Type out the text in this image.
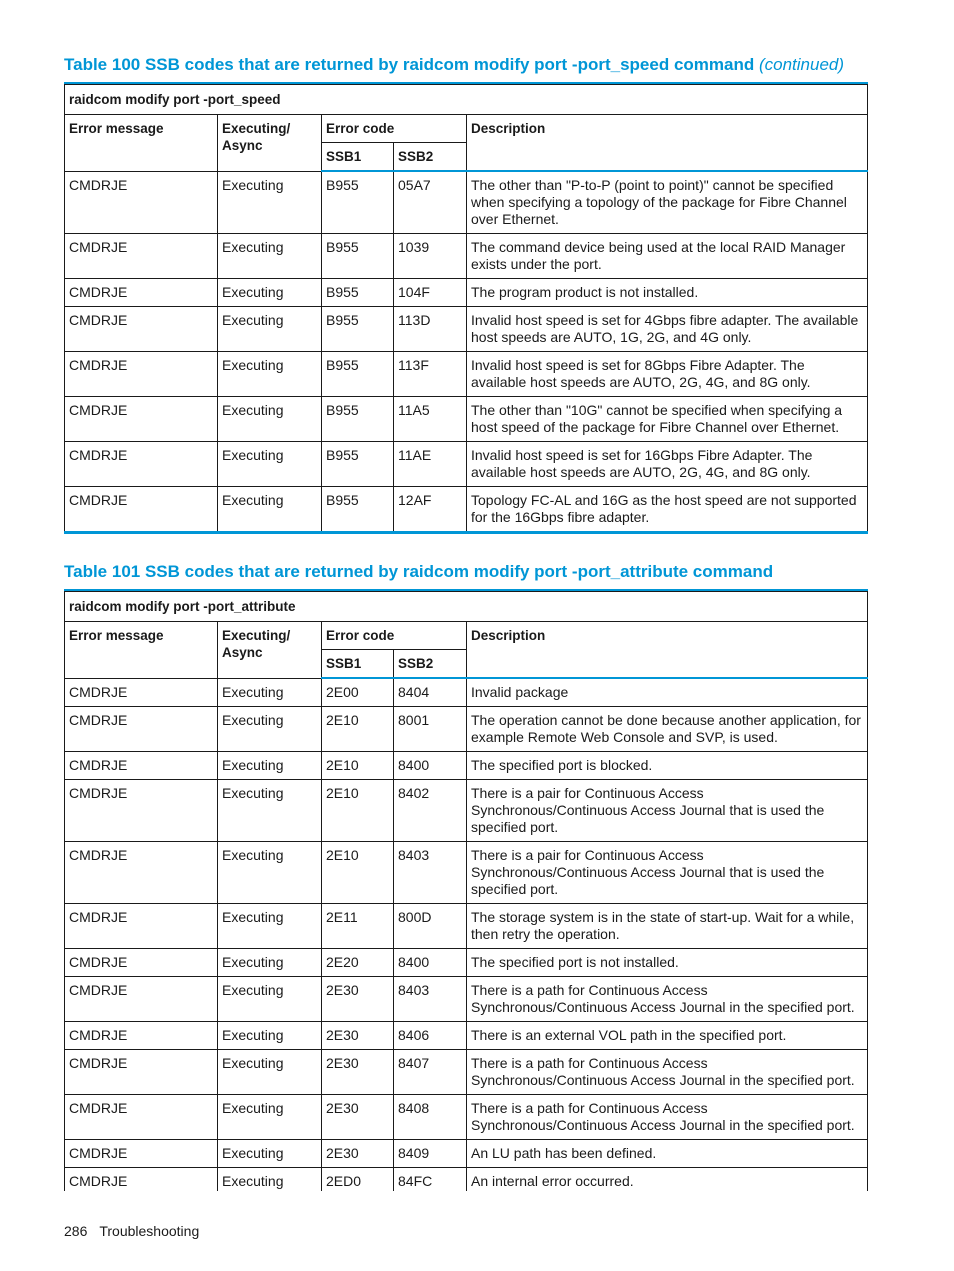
Table 100 SSB codes that are returned by raidcom modify port -port_speed command (continued)

raidcom modify port -port_speed				
Error message	Executing/ Async	Error code		Description
		SSB1	SSB2	
CMDRJE	Executing	B955	05A7	The other than "P-to-P (point to point)" cannot be specified when specifying a topology of the package for Fibre Channel over Ethernet.
CMDRJE	Executing	B955	1039	The command device being used at the local RAID Manager exists under the port.
CMDRJE	Executing	B955	104F	The program product is not installed.
CMDRJE	Executing	B955	113D	Invalid host speed is set for 4Gbps fibre adapter. The available host speeds are AUTO, 1G, 2G, and 4G only.
CMDRJE	Executing	B955	113F	Invalid host speed is set for 8Gbps Fibre Adapter. The available host speeds are AUTO, 2G, 4G, and 8G only.
CMDRJE	Executing	B955	11A5	The other than "10G" cannot be specified when specifying a host speed of the package for Fibre Channel over Ethernet.
CMDRJE	Executing	B955	11AE	Invalid host speed is set for 16Gbps Fibre Adapter. The available host speeds are AUTO, 2G, 4G, and 8G only.
CMDRJE	Executing	B955	12AF	Topology FC-AL and 16G as the host speed are not supported for the 16Gbps fibre adapter.

Table 101 SSB codes that are returned by raidcom modify port -port_attribute command

raidcom modify port -port_attribute				
Error message	Executing/ Async	Error code		Description
		SSB1	SSB2	
CMDRJE	Executing	2E00	8404	Invalid package
CMDRJE	Executing	2E10	8001	The operation cannot be done because another application, for example Remote Web Console and SVP, is used.
CMDRJE	Executing	2E10	8400	The specified port is blocked.
CMDRJE	Executing	2E10	8402	There is a pair for Continuous Access Synchronous/Continuous Access Journal that is used the specified port.
CMDRJE	Executing	2E10	8403	There is a pair for Continuous Access Synchronous/Continuous Access Journal that is used the specified port.
CMDRJE	Executing	2E11	800D	The storage system is in the state of start-up. Wait for a while, then retry the operation.
CMDRJE	Executing	2E20	8400	The specified port is not installed.
CMDRJE	Executing	2E30	8403	There is a path for Continuous Access Synchronous/Continuous Access Journal in the specified port.
CMDRJE	Executing	2E30	8406	There is an external VOL path in the specified port.
CMDRJE	Executing	2E30	8407	There is a path for Continuous Access Synchronous/Continuous Access Journal in the specified port.
CMDRJE	Executing	2E30	8408	There is a path for Continuous Access Synchronous/Continuous Access Journal in the specified port.
CMDRJE	Executing	2E30	8409	An LU path has been defined.
CMDRJE	Executing	2ED0	84FC	An internal error occurred.
286 Troubleshooting
